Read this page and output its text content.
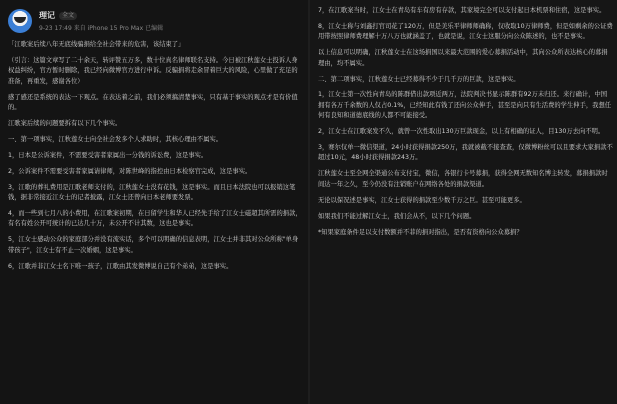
理记	全文
9-23 17:49 来自 iPhone 15 Pro Max 已编辑

「江歌案后续八年无底线骗捐给全社会带来的危害，该结束了」

（引言：这篇文章写了二十余天，转评赞五万多，数十位真名律师联名支持。今日被江秋莲女士投诉人身权益纠纷，官方暂时删除，我已经向微博官方进行申诉。反骗捐将走余冒着巨大的风险，心里做了充足的准备，再重发，感谢各位）

感了感还是系统的表达一下观点。在表达着之前，我们必须搞清楚事实，只有基于事实的观点才是有价值的。

江歌案后续的问题要拆有以下几个事实。

一、第一项事实，江秋莲女士向全社会发多个人求助时，其核心理由不属实。

1，日本是公诉案件，不需要受害者家属出一分钱的诉讼费，这是事实。

2，公诉案件不需要受害者家属请律师，对陈世峰的指控由日本检察官完成，这是事实。

3，江歌的葬礼费用是江歌老师支付的，江秋莲女士没有花钱，这是事实。而且日本法院也可以报销这笔钱，据非常接近江女士的记者披露，江女士还曾向日本老师要发票。

4，而一些到七月八的小费用，在江歌案初期，在日留学生和华人已经先手给了江女士磁超其所需的捐款，有名有姓公开可统计的已达几十万，未公开不计其数，这也是事实。

5，江女士感动公众的家庭部分并没有流实话，多个可以明确的信息表明，江女士并非其对公众所称"单身带孩子"，江女士有不止一次婚姻，这是事实。

6，江歌并非江女士名下唯一孩子，江歌由其发微博说自己有个弟弟，这是事实。

7，在江歌案当时，江女士在青岛有车有房有存款，其家境完全可以支付起日本机票和住宿，这是事实。

8，江女士称与刘鑫打官司花了120万，但是美乐平律师师确称，仅收取10万律师费，但是如剩余的公证费用带按照律师费理解十万八万也就涵盖了，也就是说，江女士这服分向公众陈述的，也不是事实。

以上信息可以明确，江秋莲女士在这场捐国以来最大范围的爱心募捐活动中，其向公众所表达核心的募捐理由，均不属实。

二、第二项事实，江秋莲女士已经募得不少于几千万的巨款，这是事实。

1，江女士第一次性向青岛的陈群借出款项近两万，法院判决书显示陈群有92万未归还。来行确计，中国拥有各万千余数的人仅占0.1%，已经知此有钱了还向公众伸手，甚至是向只有生活费的学生伸手，我想任何有良知和道德底线的人都不可能接受。

2，江女士在江歌案发不久，就曾一次性取出130万巨款现金，以上有相确的证人，目130万去向不明。

3，赛尔仅单一微信渠道，24小时获得捐款250万，我就被截不接查查，仅微博粉丝可以且要求大家捐款不超过10元，48小时获得捐款243万。

江秋莲女士至全网全渠通公布支付宝，微信，各银行卡号募捐，获得全网无数知名博主转发，募捐捐款时间达一年之久，至今仍没有注销账户在网络各处的捐款渠道。

无论以保况述是事实，江女士获得的捐款至少数千万之巨。甚至可能更多。

如果我们不能过解江女士，我们会从不，以下几个问题。

*知果家庭条件足以支付数额并不菲的捐对指出，是否有资格向公众募捐？
